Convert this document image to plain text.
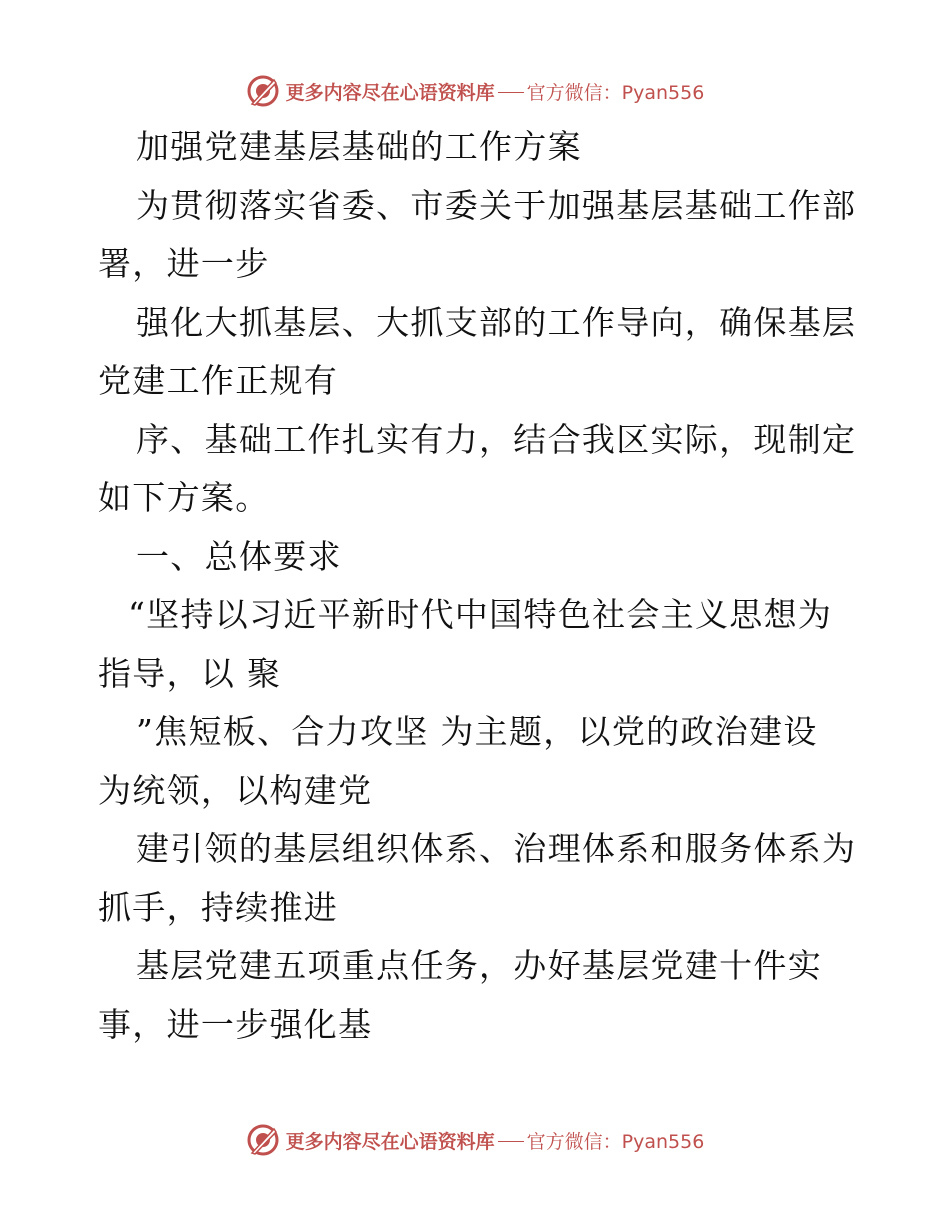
更多内容尽在心语资料库 官方微信：Pyan556
加强党建基层基础的工作方案
为贯彻落实省委、市委关于加强基层基础工作部
署，进一步
强化大抓基层、大抓支部的工作导向，确保基层
党建工作正规有
序、基础工作扎实有力，结合我区实际，现制定
如下方案。
一、总体要求
“坚持以习近平新时代中国特色社会主义思想为
指导，以 聚
”焦短板、合力攻坚 为主题，以党的政治建设
为统领，以构建党
建引领的基层组织体系、治理体系和服务体系为
抓手，持续推进
基层党建五项重点任务，办好基层党建十件实
事，进一步强化基
更多内容尽在心语资料库 官方微信：Pyan556
